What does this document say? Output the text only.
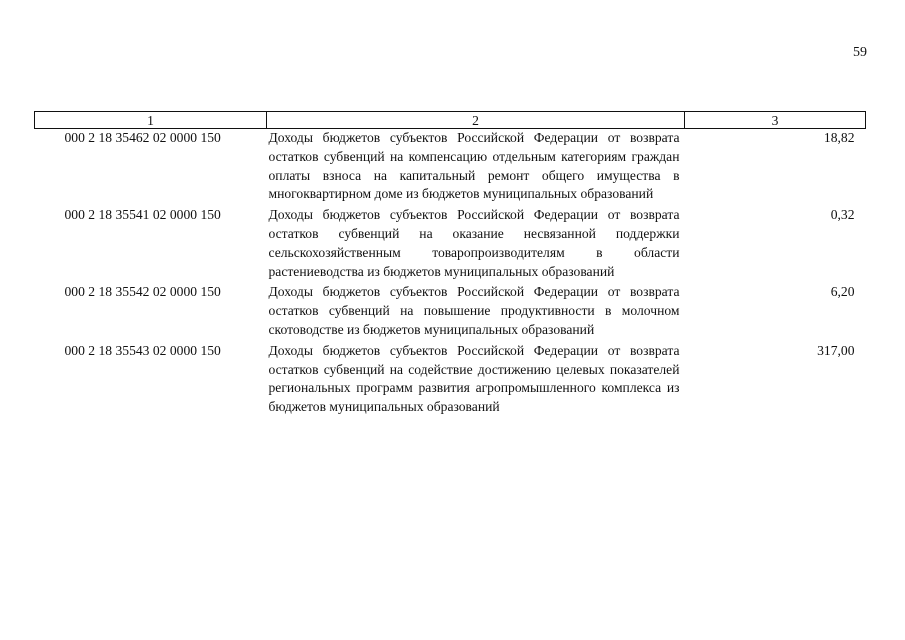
59
1	2	3
000 2 18 35462 02 0000 150	Доходы бюджетов субъектов Российской Федерации от возврата остатков субвенций на компенсацию отдельным категориям граждан оплаты взноса на капитальный ремонт общего имущества в многоквартирном доме из бюджетов муниципальных образований	18,82
000 2 18 35541 02 0000 150	Доходы бюджетов субъектов Российской Федерации от возврата остатков субвенций на оказание несвязанной поддержки сельскохозяйственным товаропроизводителям в области растениеводства из бюджетов муниципальных образований	0,32
000 2 18 35542 02 0000 150	Доходы бюджетов субъектов Российской Федерации от возврата остатков субвенций на повышение продуктивности в молочном скотоводстве из бюджетов муниципальных образований	6,20
000 2 18 35543 02 0000 150	Доходы бюджетов субъектов Российской Федерации от возврата остатков субвенций на содействие достижению целевых показателей региональных программ развития агропромышленного комплекса из бюджетов муниципальных образований	317,00
